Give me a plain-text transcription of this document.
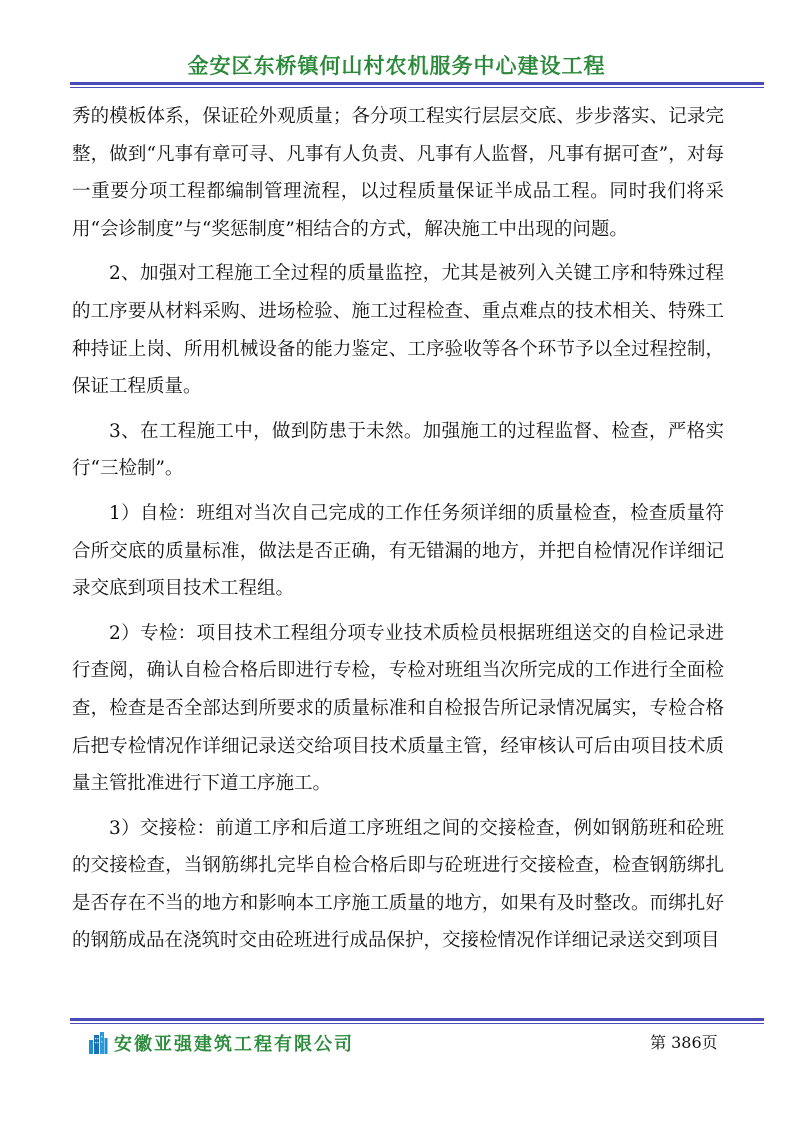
金安区东桥镇何山村农机服务中心建设工程

秀的模板体系，保证砼外观质量；各分项工程实行层层交底、步步落实、记录完整，做到“凡事有章可寻、凡事有人负责、凡事有人监督，凡事有据可查”，对每一重要分项工程都编制管理流程，以过程质量保证半成品工程。同时我们将采用“会诊制度”与“奖惩制度”相结合的方式，解决施工中出现的问题。

2、加强对工程施工全过程的质量监控，尤其是被列入关键工序和特殊过程的工序要从材料采购、进场检验、施工过程检查、重点难点的技术相关、特殊工种持证上岗、所用机械设备的能力鉴定、工序验收等各个环节予以全过程控制，保证工程质量。

3、在工程施工中，做到防患于未然。加强施工的过程监督、检查，严格实行“三检制”。

1）自检：班组对当次自己完成的工作任务须详细的质量检查，检查质量符合所交底的质量标准，做法是否正确，有无错漏的地方，并把自检情况作详细记录交底到项目技术工程组。

2）专检：项目技术工程组分项专业技术质检员根据班组送交的自检记录进行查阅，确认自检合格后即进行专检，专检对班组当次所完成的工作进行全面检查，检查是否全部达到所要求的质量标准和自检报告所记录情况属实，专检合格后把专检情况作详细记录送交给项目技术质量主管，经审核认可后由项目技术质量主管批准进行下道工序施工。

3）交接检：前道工序和后道工序班组之间的交接检查，例如钢筋班和砼班的交接检查，当钢筋绑扎完毕自检合格后即与砼班进行交接检查，检查钢筋绑扎是否存在不当的地方和影响本工序施工质量的地方，如果有及时整改。而绑扎好的钢筋成品在浇筑时交由砼班进行成品保护，交接检情况作详细记录送交到项目

安徽亚强建筑工程有限公司	第 386页
